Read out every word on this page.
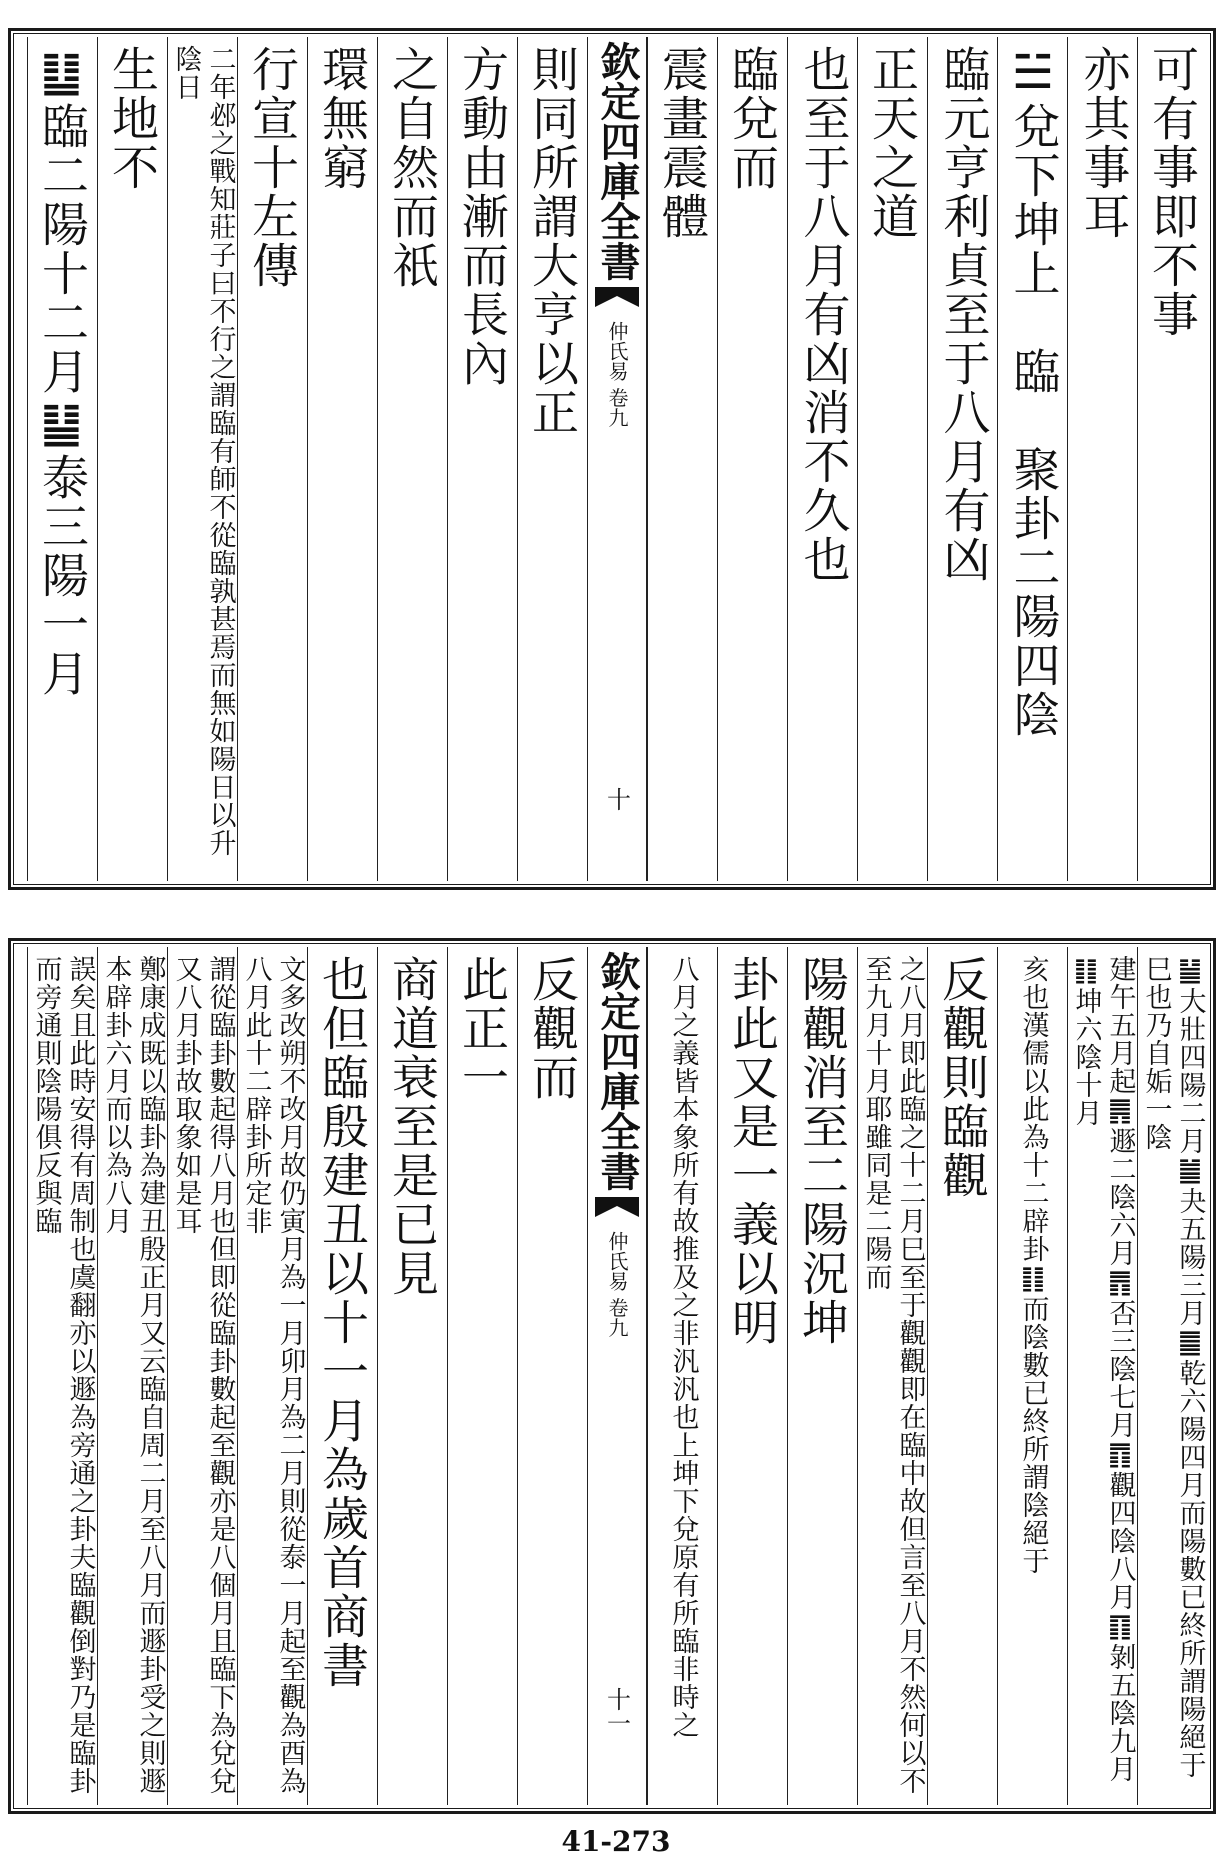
可有事即不事
亦其事耳
☱兌下坤上　臨　聚卦二陽四陰
臨元亨利貞至于八月有凶
正天之道
也至于八月有凶消不久也
臨兌而
震畫震體
欽定四庫全書
仲氏易 卷九
十
則同所謂大亨以正
方動由漸而長內
之自然而祇
環無窮
行宣十左傳
二年邲之戰知莊子曰不行之謂臨有師不從臨孰甚焉而無如陽日以升陰日
生地不
䷒臨二陽十二月䷊泰三陽一月
䷡大壯四陽二月䷪夬五陽三月䷀乾六陽四月而陽數已終所謂陽絕于巳也乃自姤一陰
建午五月起䷠遯二陰六月䷋否三陰七月䷓觀四陰八月䷖剝五陰九月䷁坤六陰十月
亥也漢儒以此為十二辟卦䷁而陰數已終所謂陰絕于
反觀則臨觀
之八月即此臨之十二月巳至于觀觀即在臨中故但言至八月不然何以不至九月十月耶雖同是二陽而
陽觀消至二陽況坤
卦此又是一義以明
八月之義皆本象所有故推及之非汎汎也上坤下兌原有所臨非時之
欽定四庫全書
仲氏易 卷九
十一
反觀而
此正一
商道衰至是已見
也但臨殷建丑以十一月為歲首商書
文多改朔不改月故仍寅月為一月卯月為二月則從泰一月起至觀為酉為八月此十二辟卦所定非
謂從臨卦數起得八月也但即從臨卦數起至觀亦是八個月且臨下為兌兌又八月卦故取象如是耳
鄭康成既以臨卦為建丑殷正月又云臨自周二月至八月而遯卦受之則遯本辟卦六月而以為八月
誤矣且此時安得有周制也虞翻亦以遯為旁通之卦夫臨觀倒對乃是臨卦而旁通則陰陽俱反與臨
41-273
